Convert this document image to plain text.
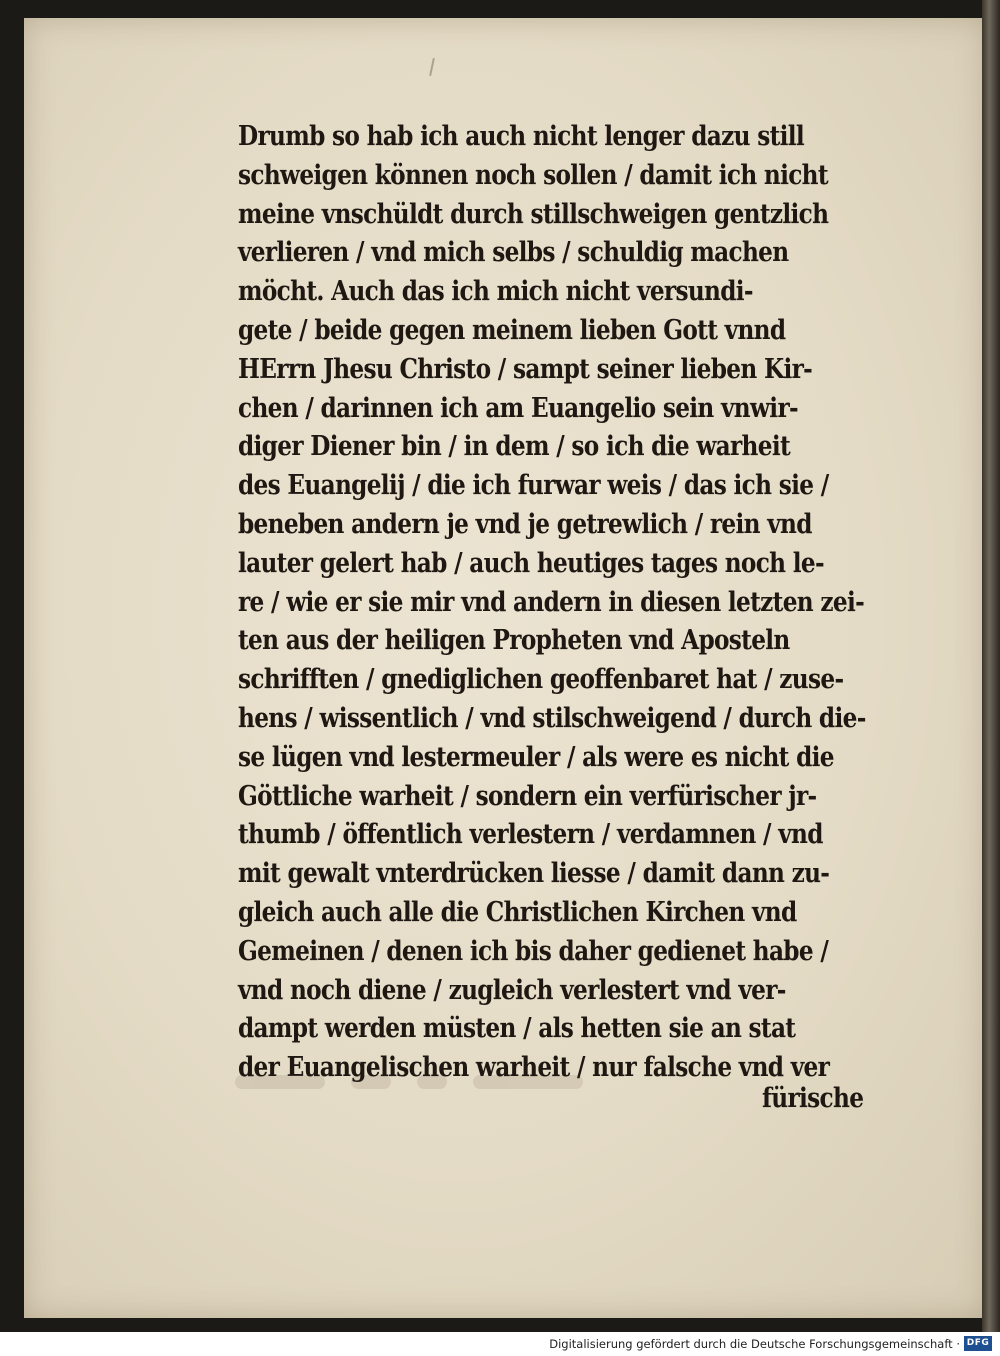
Drumb so hab ich auch nicht lenger dazu still
schweigen können noch sollen / damit ich nicht
meine vnschüldt durch stillschweigen gentzlich
verlieren / vnd mich selbs / schuldig machen
möcht. Auch das ich mich nicht versundi-
gete / beide gegen meinem lieben Gott vnnd
HErrn Jhesu Christo / sampt seiner lieben Kir-
chen / darinnen ich am Euangelio sein vnwir-
diger Diener bin / in dem / so ich die warheit
des Euangelij / die ich furwar weis / das ich sie /
beneben andern je vnd je getrewlich / rein vnd
lauter gelert hab / auch heutiges tages noch le-
re / wie er sie mir vnd andern in diesen letzten zei-
ten aus der heiligen Propheten vnd Aposteln
schrifften / gnediglichen geoffenbaret hat / zuse-
hens / wissentlich / vnd stilschweigend / durch die-
se lügen vnd lestermeuler / als were es nicht die
Göttliche warheit / sondern ein verfürischer jr-
thumb / öffentlich verlestern / verdamnen / vnd
mit gewalt vnterdrücken liesse / damit dann zu-
gleich auch alle die Christlichen Kirchen vnd
Gemeinen / denen ich bis daher gedienet habe /
vnd noch diene / zugleich verlestert vnd ver-
dampt werden müsten / als hetten sie an stat
der Euangelischen warheit / nur falsche vnd ver
fürische
Digitalisierung gefördert durch die Deutsche Forschungsgemeinschaft · DFG
